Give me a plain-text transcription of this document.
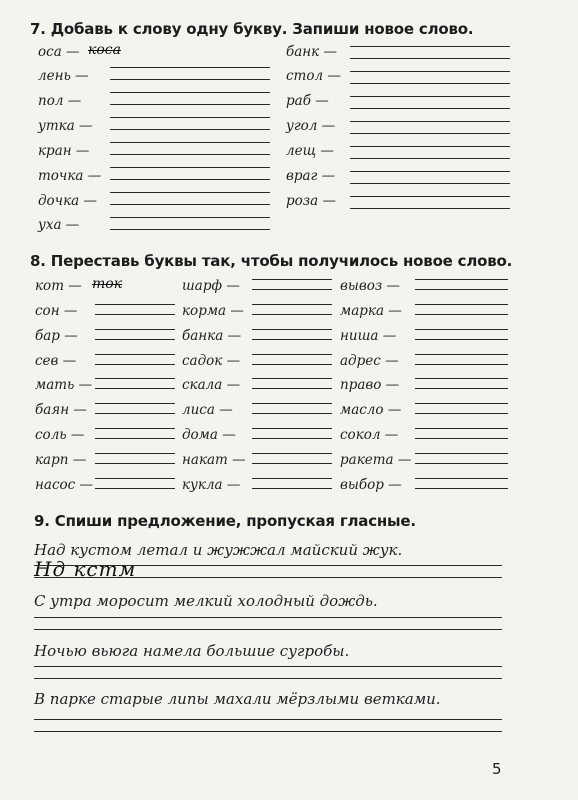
7. Добавь к слову одну букву. Запиши новое слово.
оса — коса
лень —
пол —
утка —
кран —
точка —
дочка —
уха —
банк —
стол —
раб —
угол —
лещ —
враг —
роза —
8. Переставь буквы так, чтобы получилось новое слово.
кот — ток
сон —
бар —
сев —
мать —
баян —
соль —
карп —
насос —
шарф —
корма —
банка —
садок —
скала —
лиса —
дома —
накат —
кукла —
вывоз —
марка —
ниша —
адрес —
право —
масло —
сокол —
ракета —
выбор —
9. Спиши предложение, пропуская гласные.
Над кустом летал и жужжал майский жук.
Нд кстм
С утра моросит мелкий холодный дождь.
Ночью вьюга намела большие сугробы.
В парке старые липы махали мёрзлыми ветками.
5
